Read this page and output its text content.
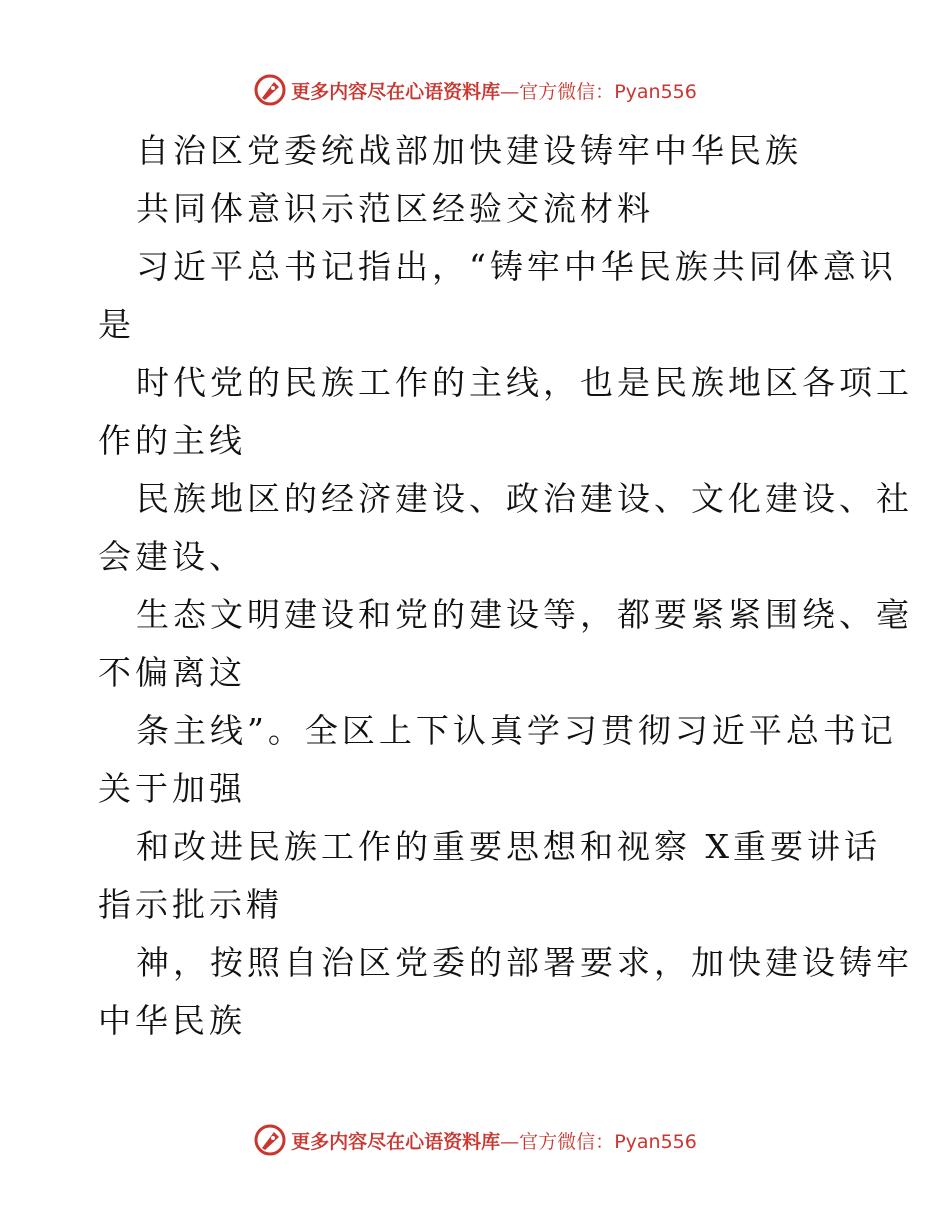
更多内容尽在心语资料库—官方微信：Pyan556
自治区党委统战部加快建设铸牢中华民族
共同体意识示范区经验交流材料
习近平总书记指出，“铸牢中华民族共同体意识
是
时代党的民族工作的主线，也是民族地区各项工
作的主线
民族地区的经济建设、政治建设、文化建设、社
会建设、
生态文明建设和党的建设等，都要紧紧围绕、毫
不偏离这
条主线”。全区上下认真学习贯彻习近平总书记
关于加强
和改进民族工作的重要思想和视察 X重要讲话
指示批示精
神，按照自治区党委的部署要求，加快建设铸牢
中华民族
更多内容尽在心语资料库—官方微信：Pyan556
